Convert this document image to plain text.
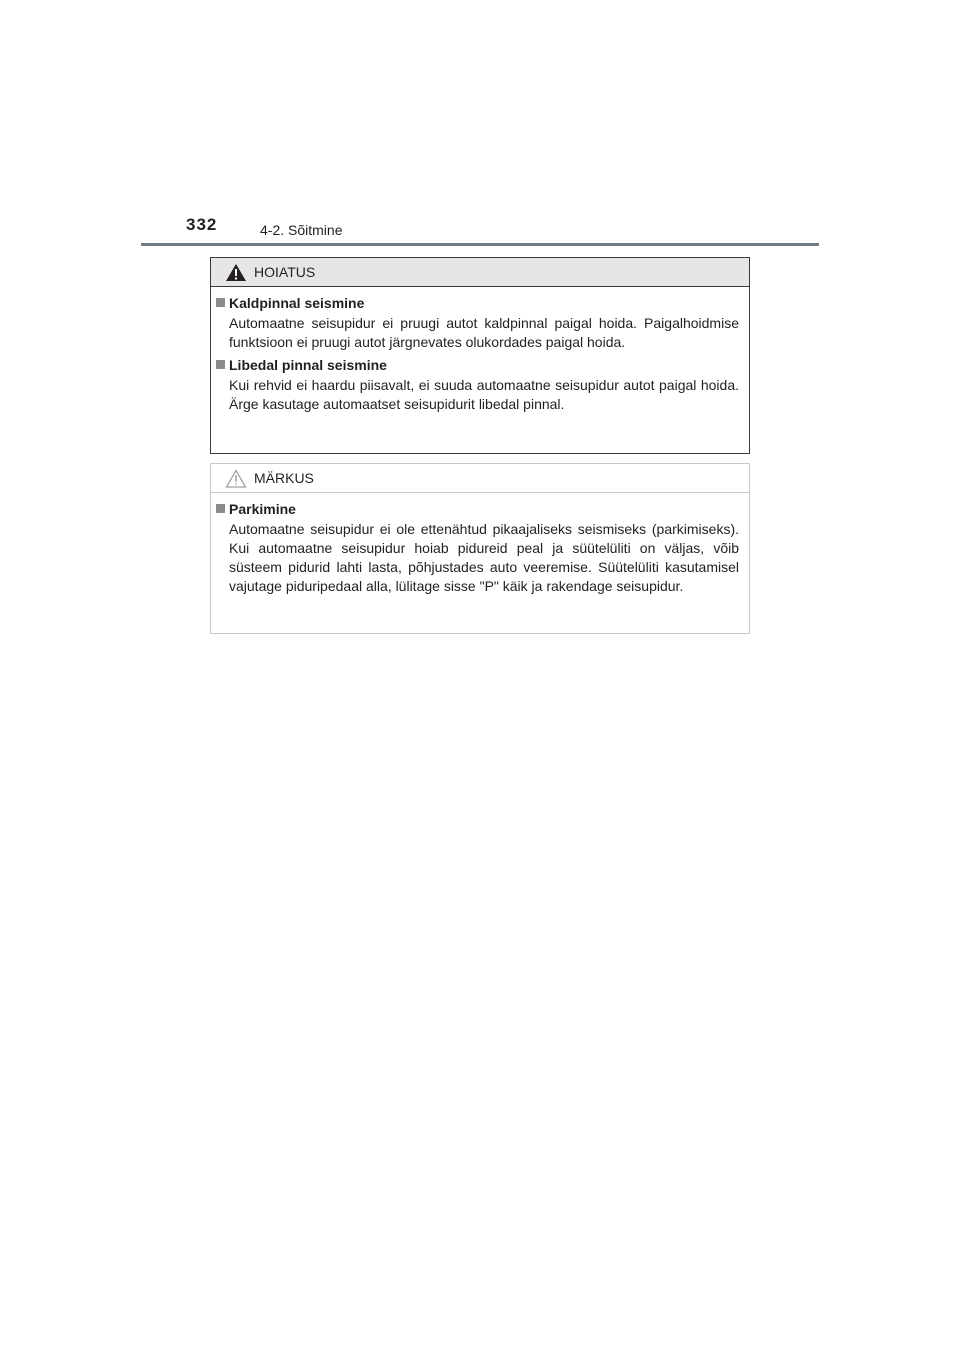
332	4-2. Sõitmine
HOIATUS
Kaldpinnal seismine
Automaatne seisupidur ei pruugi autot kaldpinnal paigal hoida. Paigalhoidmise funktsioon ei pruugi autot järgnevates olukordades paigal hoida.
Libedal pinnal seismine
Kui rehvid ei haardu piisavalt, ei suuda automaatne seisupidur autot paigal hoida. Ärge kasutage automaatset seisupidurit libedal pinnal.
MÄRKUS
Parkimine
Automaatne seisupidur ei ole ettenähtud pikaajaliseks seismiseks (parkimiseks). Kui automaatne seisupidur hoiab pidureid peal ja süütelüliti on väljas, võib süsteem pidurid lahti lasta, põhjustades auto veeremise. Süütelüliti kasutamisel vajutage piduripedaal alla, lülitage sisse "P" käik ja rakendage seisupidur.
